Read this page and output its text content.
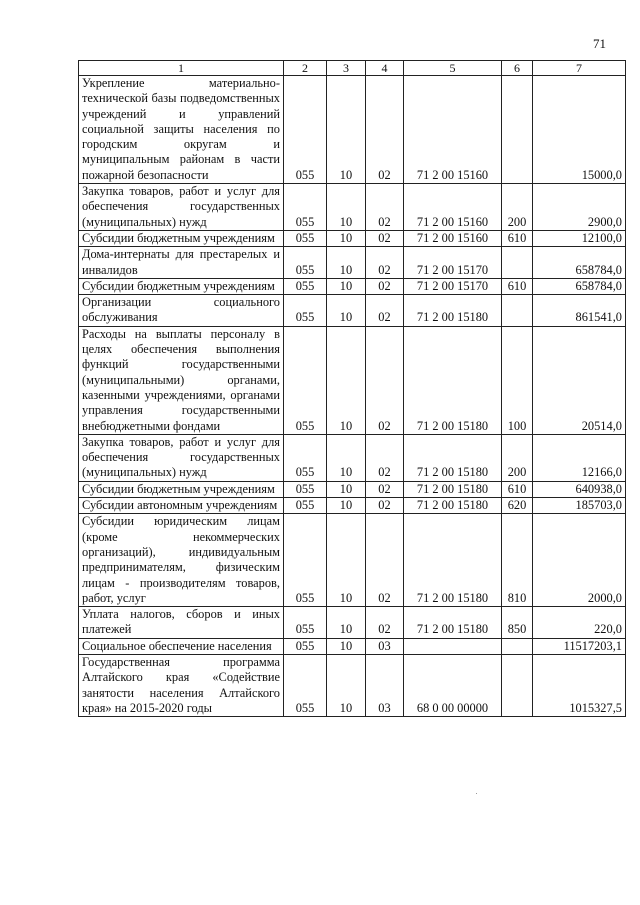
71
1	2	3	4	5	6	7
Укрепление материально-технической базы подведомственных учреждений и управлений социальной защиты населения по городским округам и муниципальным районам в части пожарной безопасности	055	10	02	71 2 00 15160		15000,0
Закупка товаров, работ и услуг для обеспечения государственных (муниципальных) нужд	055	10	02	71 2 00 15160	200	2900,0
Субсидии бюджетным учреждениям	055	10	02	71 2 00 15160	610	12100,0
Дома-интернаты для престарелых и инвалидов	055	10	02	71 2 00 15170		658784,0
Субсидии бюджетным учреждениям	055	10	02	71 2 00 15170	610	658784,0
Организации социального обслуживания	055	10	02	71 2 00 15180		861541,0
Расходы на выплаты персоналу в целях обеспечения выполнения функций государственными (муниципальными) органами, казенными учреждениями, органами управления государственными внебюджетными фондами	055	10	02	71 2 00 15180	100	20514,0
Закупка товаров, работ и услуг для обеспечения государственных (муниципальных) нужд	055	10	02	71 2 00 15180	200	12166,0
Субсидии бюджетным учреждениям	055	10	02	71 2 00 15180	610	640938,0
Субсидии автономным учреждениям	055	10	02	71 2 00 15180	620	185703,0
Субсидии юридическим лицам (кроме некоммерческих организаций), индивидуальным предпринимателям, физическим лицам - производителям товаров, работ, услуг	055	10	02	71 2 00 15180	810	2000,0
Уплата налогов, сборов и иных платежей	055	10	02	71 2 00 15180	850	220,0
Социальное обеспечение населения	055	10	03			11517203,1
Государственная программа Алтайского края «Содействие занятости населения Алтайского края» на 2015-2020 годы	055	10	03	68 0 00 00000		1015327,5
